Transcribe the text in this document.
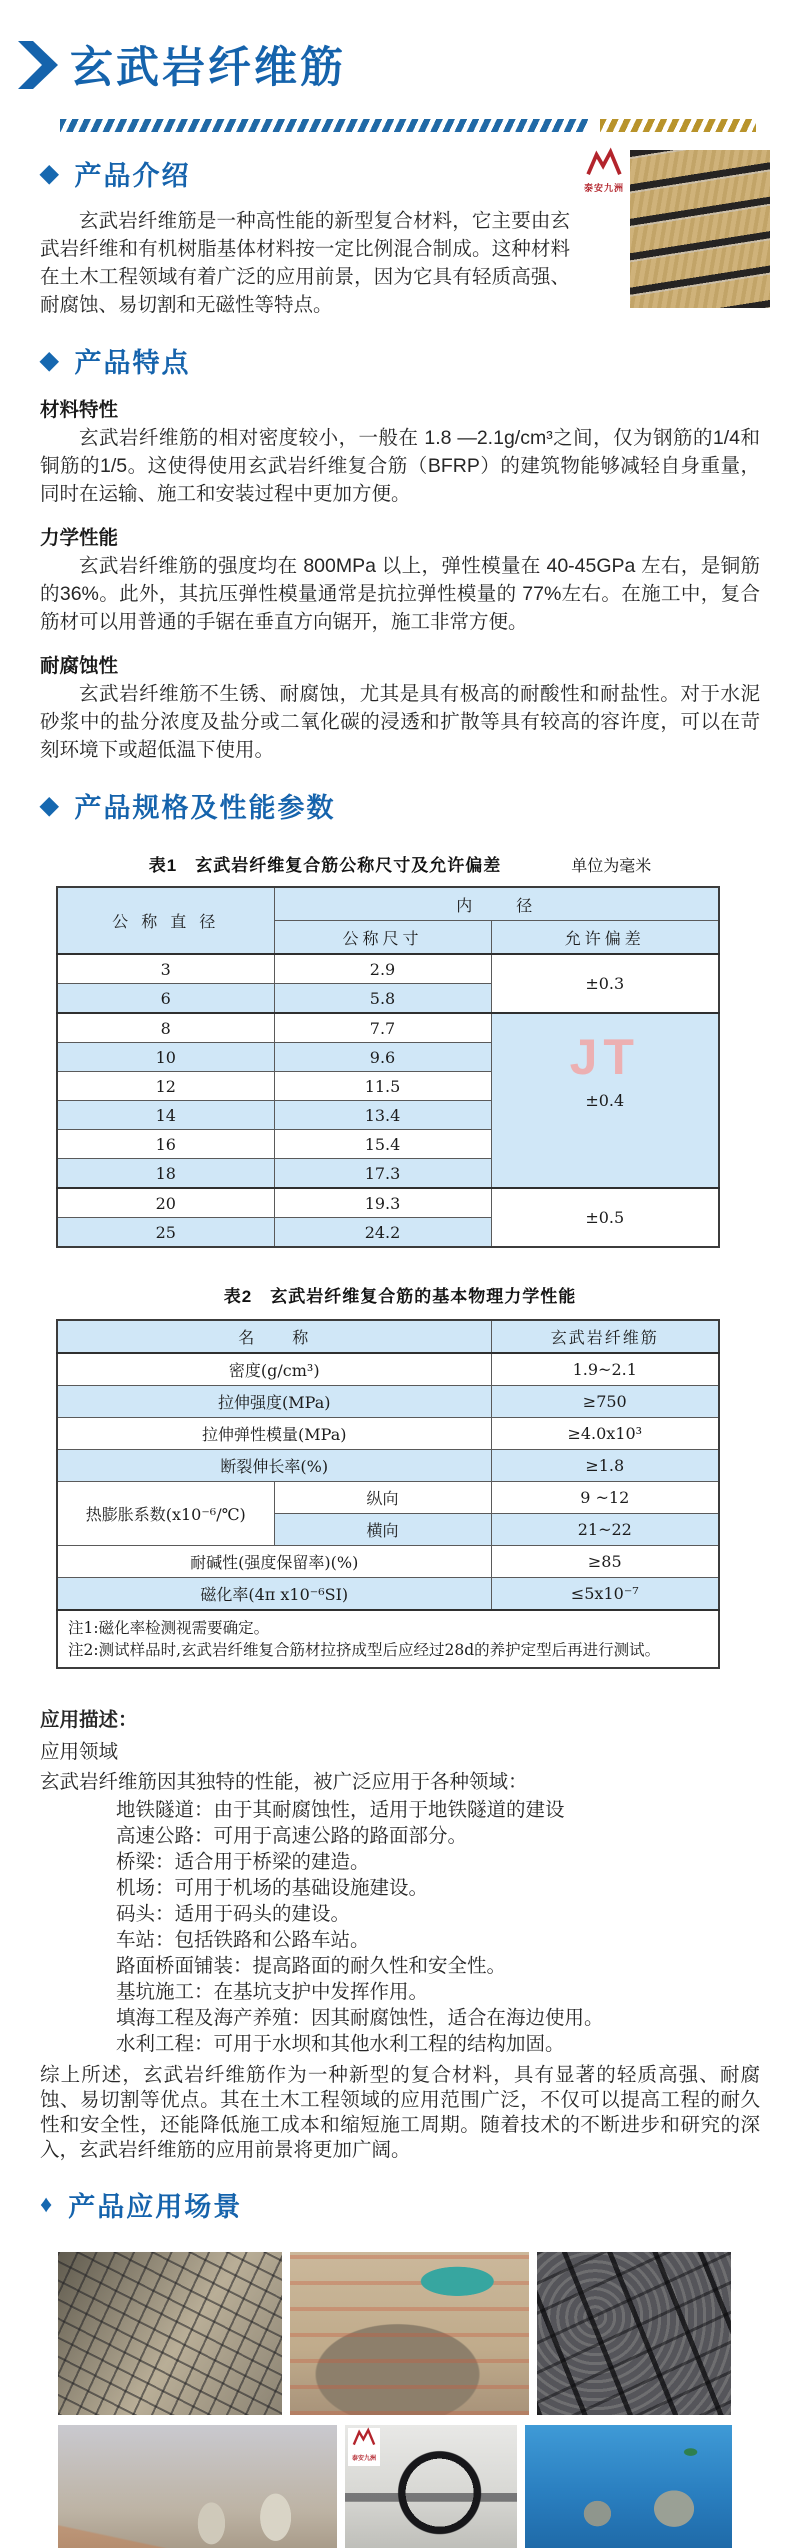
玄武岩纤维筋
泰安九洲
◆ 产品介绍

玄武岩纤维筋是一种高性能的新型复合材料，它主要由玄武岩纤维和有机树脂基体材料按一定比例混合制成。这种材料在土木工程领域有着广泛的应用前景，因为它具有轻质高强、耐腐蚀、易切割和无磁性等特点。

◆ 产品特点
材料特性

玄武岩纤维筋的相对密度较小，一般在 1.8 —2.1g/cm³之间，仅为钢筋的1/4和铜筋的1/5。这使得使用玄武岩纤维复合筋（BFRP）的建筑物能够减轻自身重量，同时在运输、施工和安装过程中更加方便。

力学性能

玄武岩纤维筋的强度均在 800MPa 以上，弹性模量在 40-45GPa 左右，是铜筋的36%。此外，其抗压弹性模量通常是抗拉弹性模量的 77%左右。在施工中，复合筋材可以用普通的手锯在垂直方向锯开，施工非常方便。

耐腐蚀性

玄武岩纤维筋不生锈、耐腐蚀，尤其是具有极高的耐酸性和耐盐性。对于水泥砂浆中的盐分浓度及盐分或二氧化碳的浸透和扩散等具有较高的容许度，可以在苛刻环境下或超低温下使用。

◆ 产品规格及性能参数
表1　玄武岩纤维复合筋公称尺寸及允许偏差	单位为毫米
公 称 直 径	内　　径	
	公称尺寸	允许偏差
3	2.9	±0.3
6	5.8	
8	7.7	±0.4
JT

10	9.6	
12	11.5	
14	13.4	
16	15.4	
18	17.3	
20	19.3	±0.5
25	24.2	
表2　玄武岩纤维复合筋的基本物理力学性能
名　　称		玄武岩纤维筋
密度(g/cm³)		1.9~2.1
拉伸强度(MPa)		≥750
拉伸弹性模量(MPa)		≥4.0x10³
断裂伸长率(%)		≥1.8
热膨胀系数(x10⁻⁶/℃)	纵向	9 ~12
	横向	21~22
耐碱性(强度保留率)(%)		≥85
磁化率(4π x10⁻⁶SI)		≤5x10⁻⁷

注1:磁化率检测视需要确定。
注2:测试样品时,玄武岩纤维复合筋材拉挤成型后应经过28d的养护定型后再进行测试。		

应用描述：

应用领域

玄武岩纤维筋因其独特的性能，被广泛应用于各种领域：

地铁隧道：由于其耐腐蚀性，适用于地铁隧道的建设
高速公路：可用于高速公路的路面部分。
桥梁：适合用于桥梁的建造。
机场：可用于机场的基础设施建设。
码头：适用于码头的建设。
车站：包括铁路和公路车站。
路面桥面铺装：提高路面的耐久性和安全性。
基坑施工：在基坑支护中发挥作用。
填海工程及海产养殖：因其耐腐蚀性，适合在海边使用。
水利工程：可用于水坝和其他水利工程的结构加固。

综上所述，玄武岩纤维筋作为一种新型的复合材料，具有显著的轻质高强、耐腐蚀、易切割等优点。其在土木工程领域的应用范围广泛，不仅可以提高工程的耐久性和安全性，还能降低施工成本和缩短施工周期。随着技术的不断进步和研究的深入，玄武岩纤维筋的应用前景将更加广阔。

♦ 产品应用场景
泰安九洲
